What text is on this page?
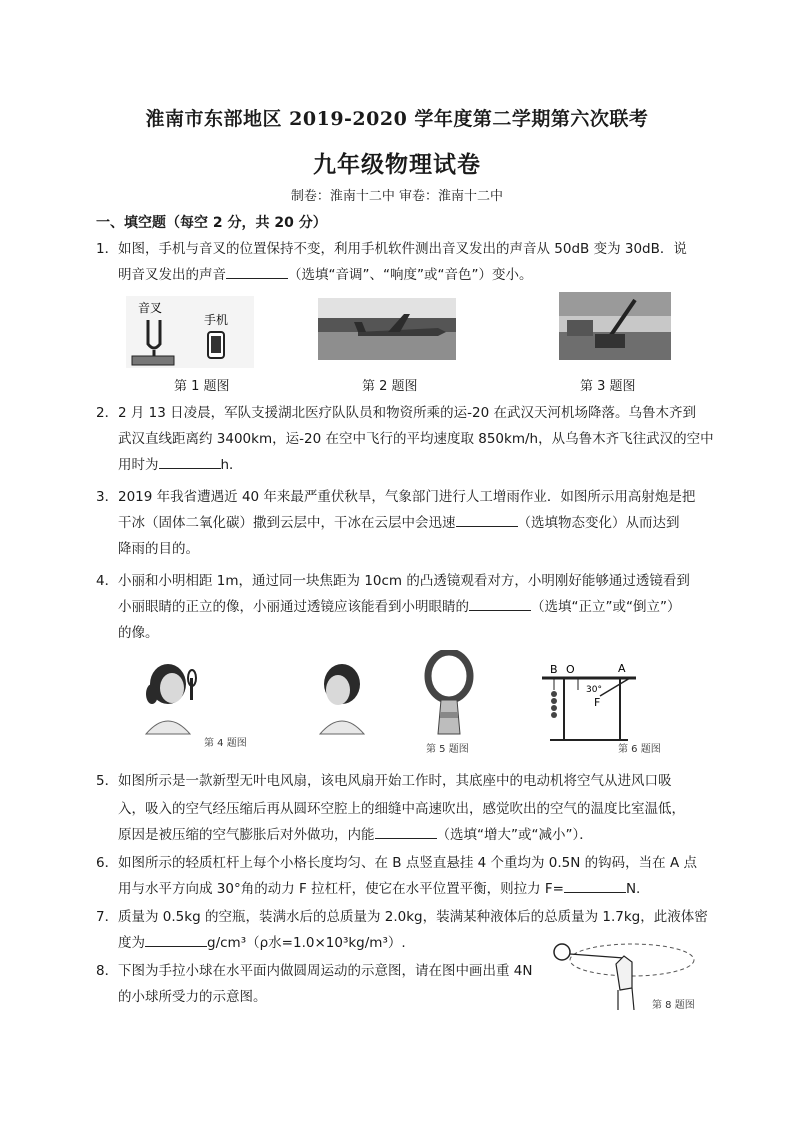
淮南市东部地区 2019-2020 学年度第二学期第六次联考
九年级物理试卷
制卷：淮南十二中 审卷：淮南十二中
一、填空题（每空 2 分，共 20 分）
1． 如图，手机与音叉的位置保持不变，利用手机软件测出音叉发出的声音从 50dB 变为 30dB．说
明音叉发出的声音	（选填“音调”、“响度”或“音色”）变小。
音叉
手机
第 1 题图	第 2 题图	第 3 题图
2． 2 月 13 日凌晨，军队支援湖北医疗队队员和物资所乘的运-20 在武汉天河机场降落。乌鲁木齐到
武汉直线距离约 3400km，运-20 在空中飞行的平均速度取 850km/h，从乌鲁木齐飞往武汉的空中
用时为	h．
3． 2019 年我省遭遇近 40 年来最严重伏秋旱，气象部门进行人工增雨作业．如图所示用高射炮是把
干冰（固体二氧化碳）撒到云层中，干冰在云层中会迅速	（选填物态变化）从而达到
降雨的目的。
4． 小丽和小明相距 1m，通过同一块焦距为 10cm 的凸透镜观看对方，小明刚好能够通过透镜看到
小丽眼睛的正立的像，小丽通过透镜应该能看到小明眼睛的	（选填“正立”或“倒立”）
的像。
第 4 题图
第 5 题图
B O	A
30°
F
第 6 题图
5． 如图所示是一款新型无叶电风扇，该电风扇开始工作时，其底座中的电动机将空气从进风口吸
入，吸入的空气经压缩后再从圆环空腔上的细缝中高速吹出，感觉吹出的空气的温度比室温低，
原因是被压缩的空气膨胀后对外做功，内能	（选填“增大”或“减小”）．
6． 如图所示的轻质杠杆上每个小格长度均匀、在 B 点竖直悬挂 4 个重均为 0.5N 的钩码，当在 A 点
用与水平方向成 30°角的动力 F 拉杠杆，使它在水平位置平衡，则拉力 F=	N.
7． 质量为 0.5kg 的空瓶，装满水后的总质量为 2.0kg，装满某种液体后的总质量为 1.7kg，此液体密
度为	g/cm³（ρ水=1.0×10³kg/m³）.
8． 下图为手拉小球在水平面内做圆周运动的示意图，请在图中画出重 4N
的小球所受力的示意图。
第 8 题图
